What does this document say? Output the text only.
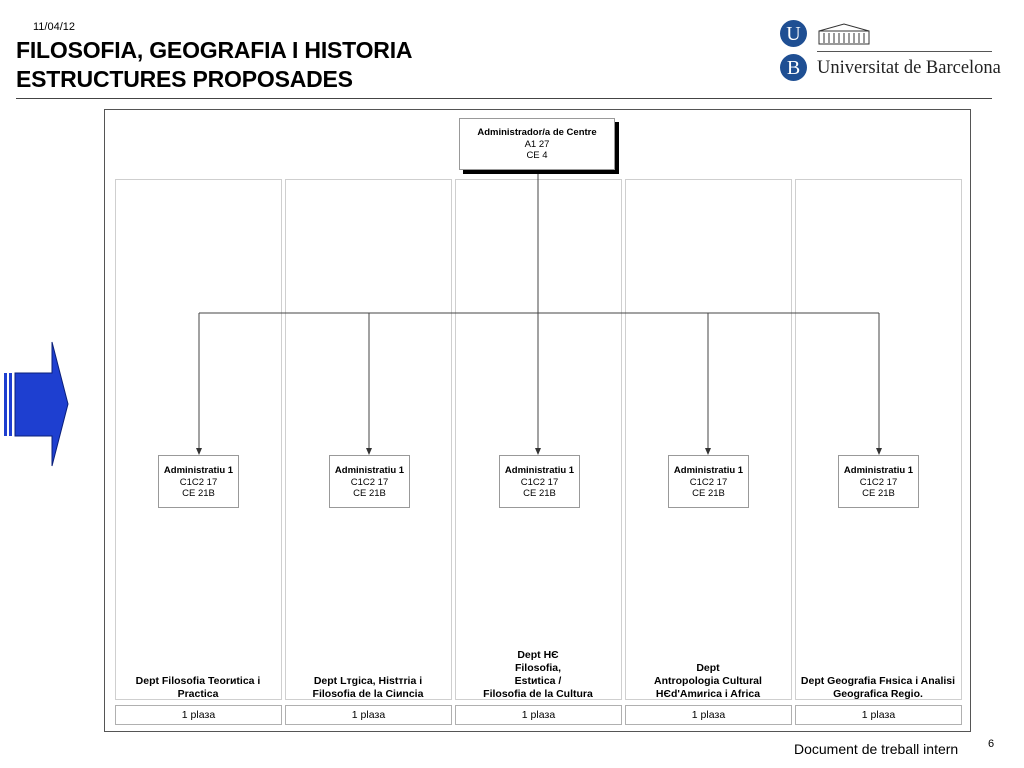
11/04/12
FILOSOFIA, GEOGRAFIA I HISTORIA
ESTRUCTURES PROPOSADES
U
B Universitat de Barcelona
Administrador/a de Centre
A1 27
CE 4
Administratiu 1
C1C2 17
CE 21B
Administratiu 1
C1C2 17
CE 21B
Administratiu 1
C1C2 17
CE 21B
Administratiu 1
C1C2 17
CE 21B
Administratiu 1
C1C2 17
CE 21B
Dept Filosofia Teorиtica i
Practica
Dept Lтgica, Histтria i
Filosofia de la Ciиncia
Dept HЄ
Filosofia,
Estиtica /
Filosofia de la Cultura
Dept
Antropologia Cultural
HЄd'Amиrica i Africa
Dept Geografia Fнsica i Analisi
Geografica Regio.
1 plaзa	1 plaзa	1 plaзa	1 plaзa	1 plaзa
Document de treball intern	6
